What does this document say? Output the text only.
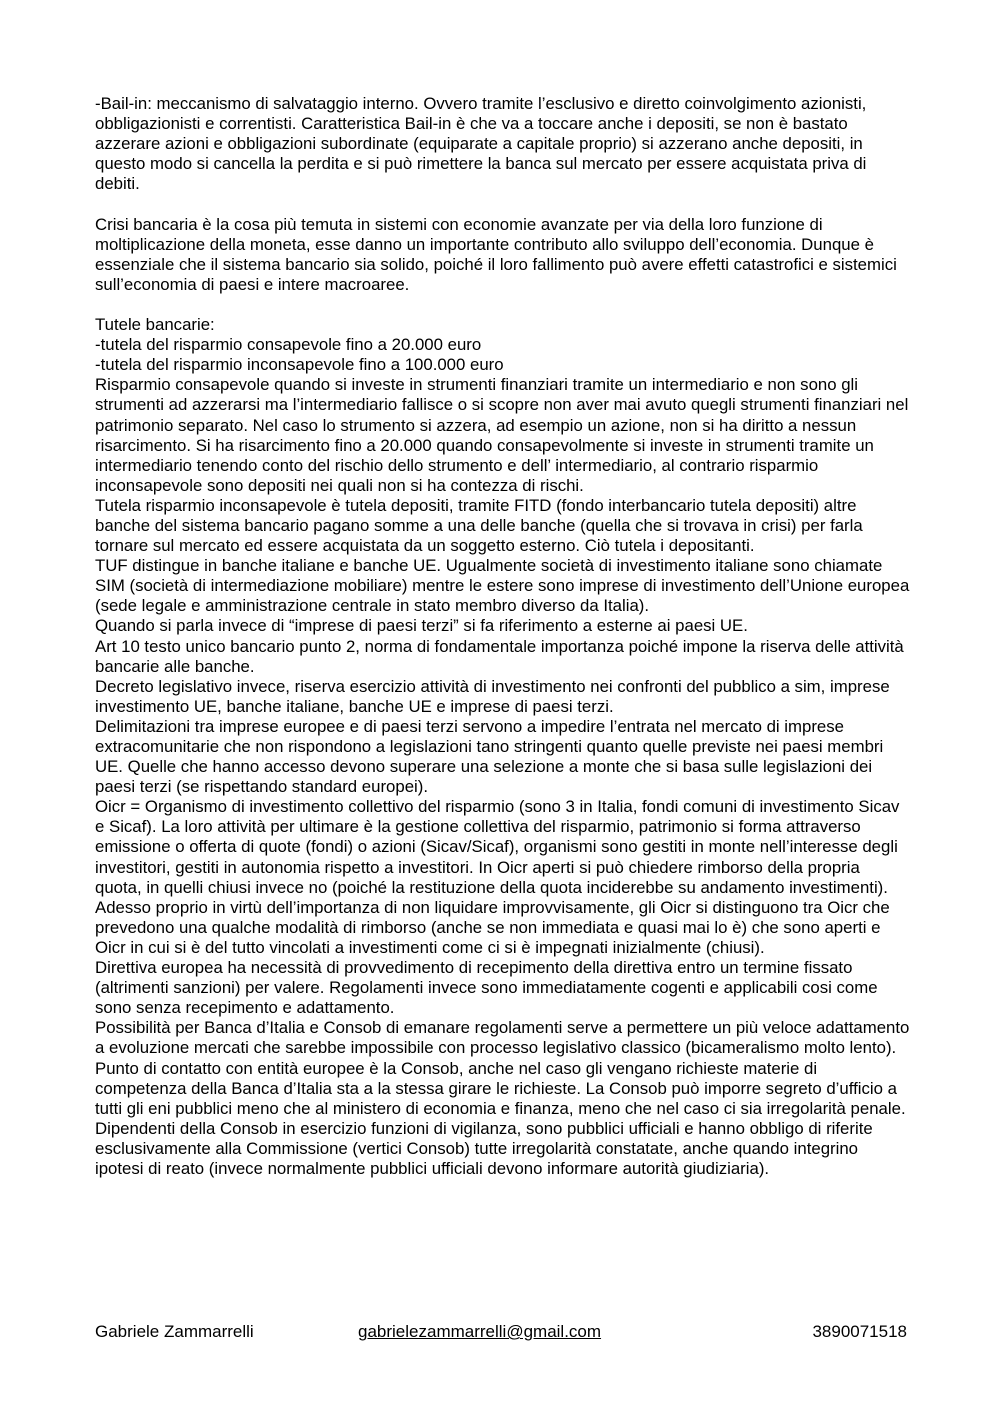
-Bail-in: meccanismo di salvataggio interno. Ovvero tramite l’esclusivo e diretto coinvolgimento azionisti, obbligazionisti e correntisti. Caratteristica Bail-in è che va a toccare anche i depositi, se non è bastato azzerare azioni e obbligazioni subordinate (equiparate a capitale proprio) si azzerano anche depositi, in questo modo si cancella la perdita e si può rimettere la banca sul mercato per essere acquistata priva di debiti.

Crisi bancaria è la cosa più temuta in sistemi con economie avanzate per via della loro funzione di moltiplicazione della moneta, esse danno un importante contributo allo sviluppo dell’economia. Dunque è essenziale che il sistema bancario sia solido, poiché il loro fallimento può avere effetti catastrofici e sistemici sull’economia di paesi e intere macroaree.

Tutele bancarie:

-tutela del risparmio consapevole fino a 20.000 euro

-tutela del risparmio inconsapevole fino a 100.000 euro

Risparmio consapevole quando si investe in strumenti finanziari tramite un intermediario e non sono gli strumenti ad azzerarsi ma l’intermediario fallisce o si scopre non aver mai avuto quegli strumenti finanziari nel patrimonio separato. Nel caso lo strumento si azzera, ad esempio un azione, non si ha diritto a nessun risarcimento. Si ha risarcimento fino a 20.000 quando consapevolmente si investe in strumenti tramite un intermediario tenendo conto del rischio dello strumento e dell’ intermediario, al contrario risparmio inconsapevole sono depositi nei quali non si ha contezza di rischi.

Tutela risparmio inconsapevole è tutela depositi, tramite FITD (fondo interbancario tutela depositi) altre banche del sistema bancario pagano somme a una delle banche (quella che si trovava in crisi) per farla tornare sul mercato ed essere acquistata da un soggetto esterno. Ciò tutela i depositanti.

TUF distingue in banche italiane e banche UE. Ugualmente società di investimento italiane sono chiamate SIM (società di intermediazione mobiliare) mentre le estere sono imprese di investimento dell’Unione europea (sede legale e amministrazione centrale in stato membro diverso da Italia).

Quando si parla invece di “imprese di paesi terzi” si fa riferimento a esterne ai paesi UE.

Art 10 testo unico bancario punto 2, norma di fondamentale importanza poiché impone la riserva delle attività bancarie alle banche.

Decreto legislativo invece, riserva esercizio attività di investimento nei confronti del pubblico a sim, imprese investimento UE, banche italiane, banche UE e imprese di paesi terzi.

Delimitazioni tra imprese europee e di paesi terzi servono a impedire l’entrata nel mercato di imprese extracomunitarie che non rispondono a legislazioni tano stringenti quanto quelle previste nei paesi membri UE. Quelle che hanno accesso devono superare una selezione a monte che si basa sulle legislazioni dei paesi terzi (se rispettando standard europei).

Oicr = Organismo di investimento collettivo del risparmio (sono 3 in Italia, fondi comuni di investimento Sicav e Sicaf). La loro attività per ultimare è la gestione collettiva del risparmio, patrimonio si forma attraverso emissione o offerta di quote (fondi) o azioni (Sicav/Sicaf), organismi sono gestiti in monte nell’interesse degli investitori, gestiti in autonomia rispetto a investitori. In Oicr aperti si può chiedere rimborso della propria quota, in quelli chiusi invece no (poiché la restituzione della quota inciderebbe su andamento investimenti). Adesso proprio in virtù dell’importanza di non liquidare improvvisamente, gli Oicr si distinguono tra Oicr che prevedono una qualche modalità di rimborso (anche se non immediata e quasi mai lo è) che sono aperti e Oicr in cui si è del tutto vincolati a investimenti come ci si è impegnati inizialmente (chiusi).

Direttiva europea ha necessità di provvedimento di recepimento della direttiva entro un termine fissato (altrimenti sanzioni) per valere. Regolamenti invece sono immediatamente cogenti e applicabili cosi come sono senza recepimento e adattamento.

Possibilità per Banca d’Italia e Consob di emanare regolamenti serve a permettere un più veloce adattamento a evoluzione mercati che sarebbe impossibile con processo legislativo classico (bicameralismo molto lento).

Punto di contatto con entità europee è la Consob, anche nel caso gli vengano richieste materie di competenza della Banca d’Italia sta a la stessa girare le richieste. La Consob può imporre segreto d’ufficio a tutti gli eni pubblici meno che al ministero di economia e finanza, meno che nel caso ci sia irregolarità penale. Dipendenti della Consob in esercizio funzioni di vigilanza, sono pubblici ufficiali e hanno obbligo di riferite esclusivamente alla Commissione (vertici Consob) tutte irregolarità constatate, anche quando integrino ipotesi di reato (invece normalmente pubblici ufficiali devono informare autorità giudiziaria).

Gabriele Zammarrelli	gabrielezammarrelli@gmail.com	3890071518
